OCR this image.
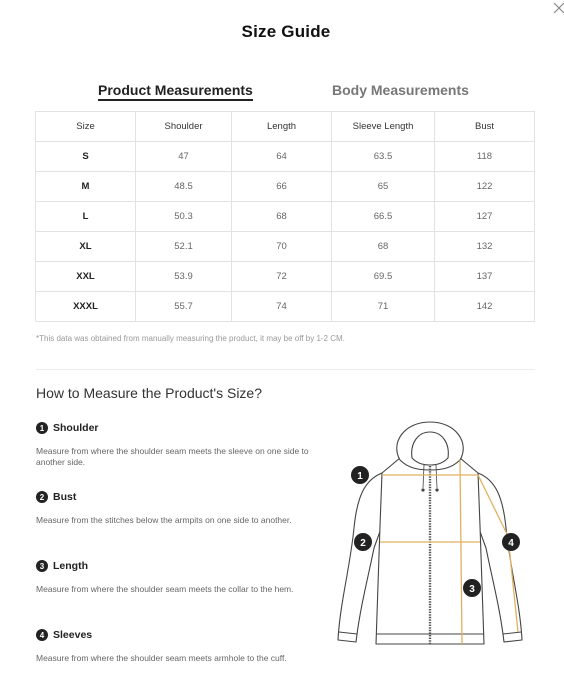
Size Guide
Product Measurements	Body Measurements
Size	Shoulder	Length	Sleeve Length	Bust
S	47	64	63.5	118
M	48.5	66	65	122
L	50.3	68	66.5	127
XL	52.1	70	68	132
XXL	53.9	72	69.5	137
XXXL	55.7	74	71	142
*This data was obtained from manually measuring the product, it may be off by 1-2 CM.
How to Measure the Product's Size?
1 Shoulder
Measure from where the shoulder seam meets the sleeve on one side to another side.
2 Bust
Measure from the stitches below the armpits on one side to another.
3 Length
Measure from where the shoulder seam meets the collar to the hem.
4 Sleeves
Measure from where the shoulder seam meets armhole to the cuff.
1
2
3
4
